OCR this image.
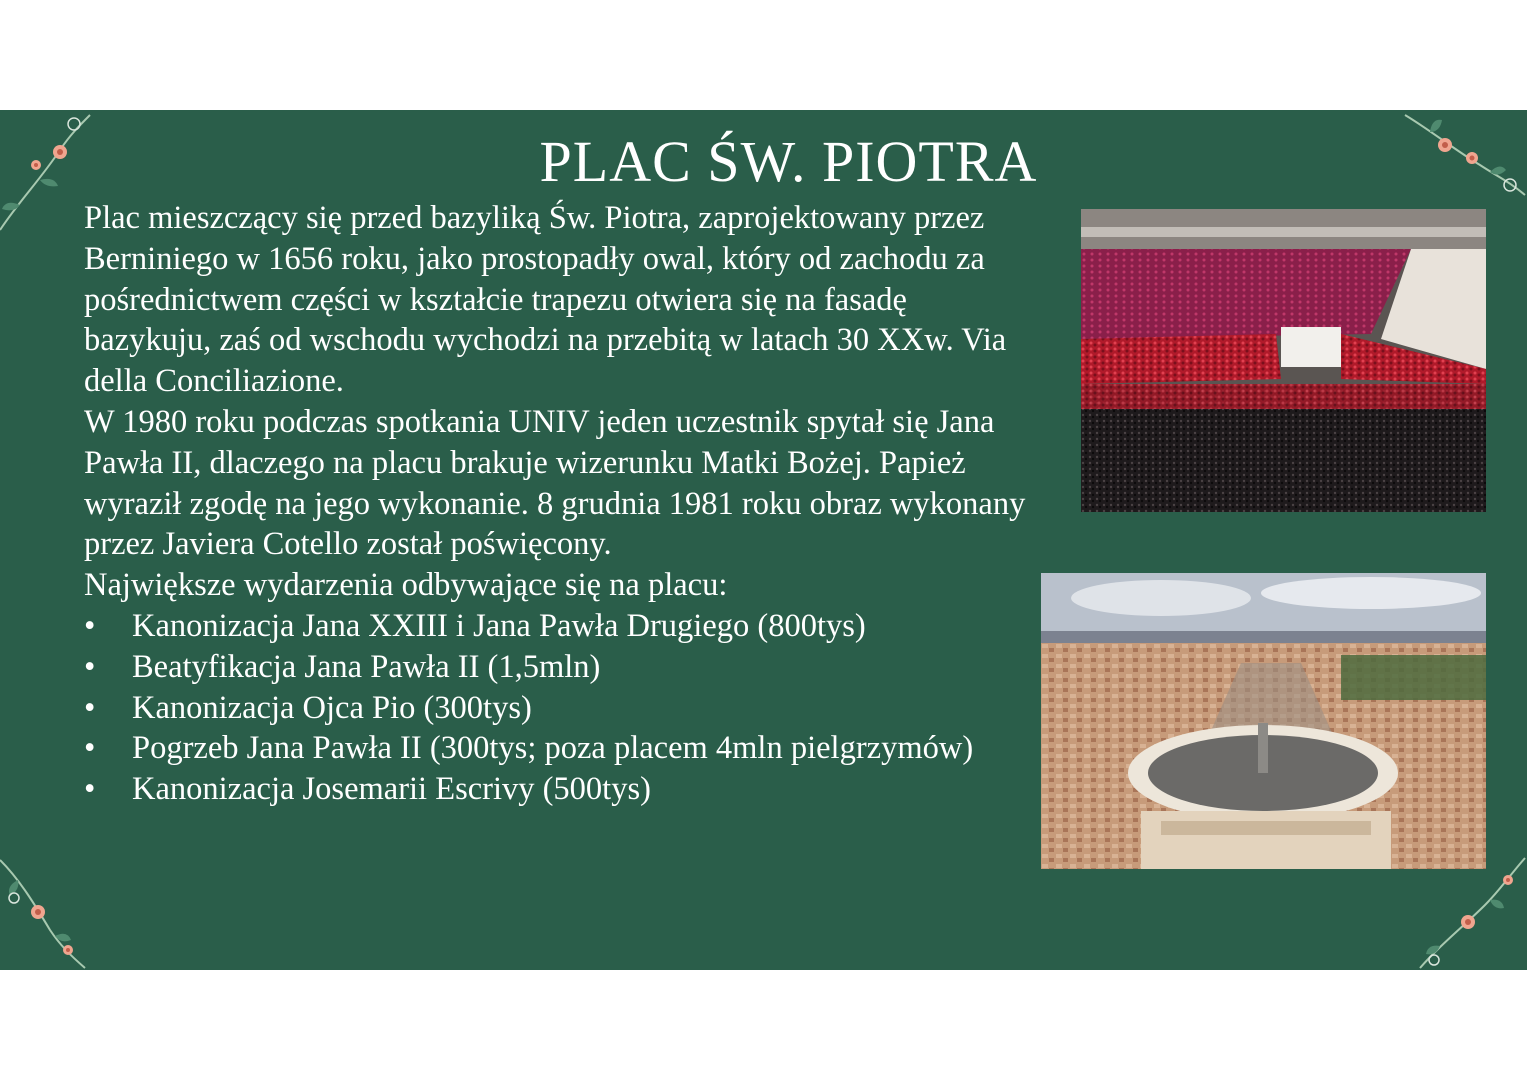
PLAC ŚW. PIOTRA

Plac mieszczący się przed bazyliką Św. Piotra, zaprojektowany przez Berniniego w 1656 roku, jako prostopadły owal, który od zachodu za pośrednictwem części w kształcie trapezu otwiera się na fasadę bazykuju, zaś od wschodu wychodzi na przebitą w latach 30 XXw. Via della Conciliazione.

W 1980 roku podczas spotkania UNIV jeden uczestnik spytał się Jana Pawła II, dlaczego na placu brakuje wizerunku Matki Bożej. Papież wyraził zgodę na jego wykonanie. 8 grudnia 1981 roku obraz wykonany przez Javiera Cotello został poświęcony.

Największe wydarzenia odbywające się na placu:

• Kanonizacja Jana XXIII i Jana Pawła Drugiego (800tys)
• Beatyfikacja Jana Pawła II (1,5mln)
• Kanonizacja Ojca Pio (300tys)
• Pogrzeb Jana Pawła II (300tys; poza placem 4mln pielgrzymów)
• Kanonizacja Josemarii Escrivy (500tys)
